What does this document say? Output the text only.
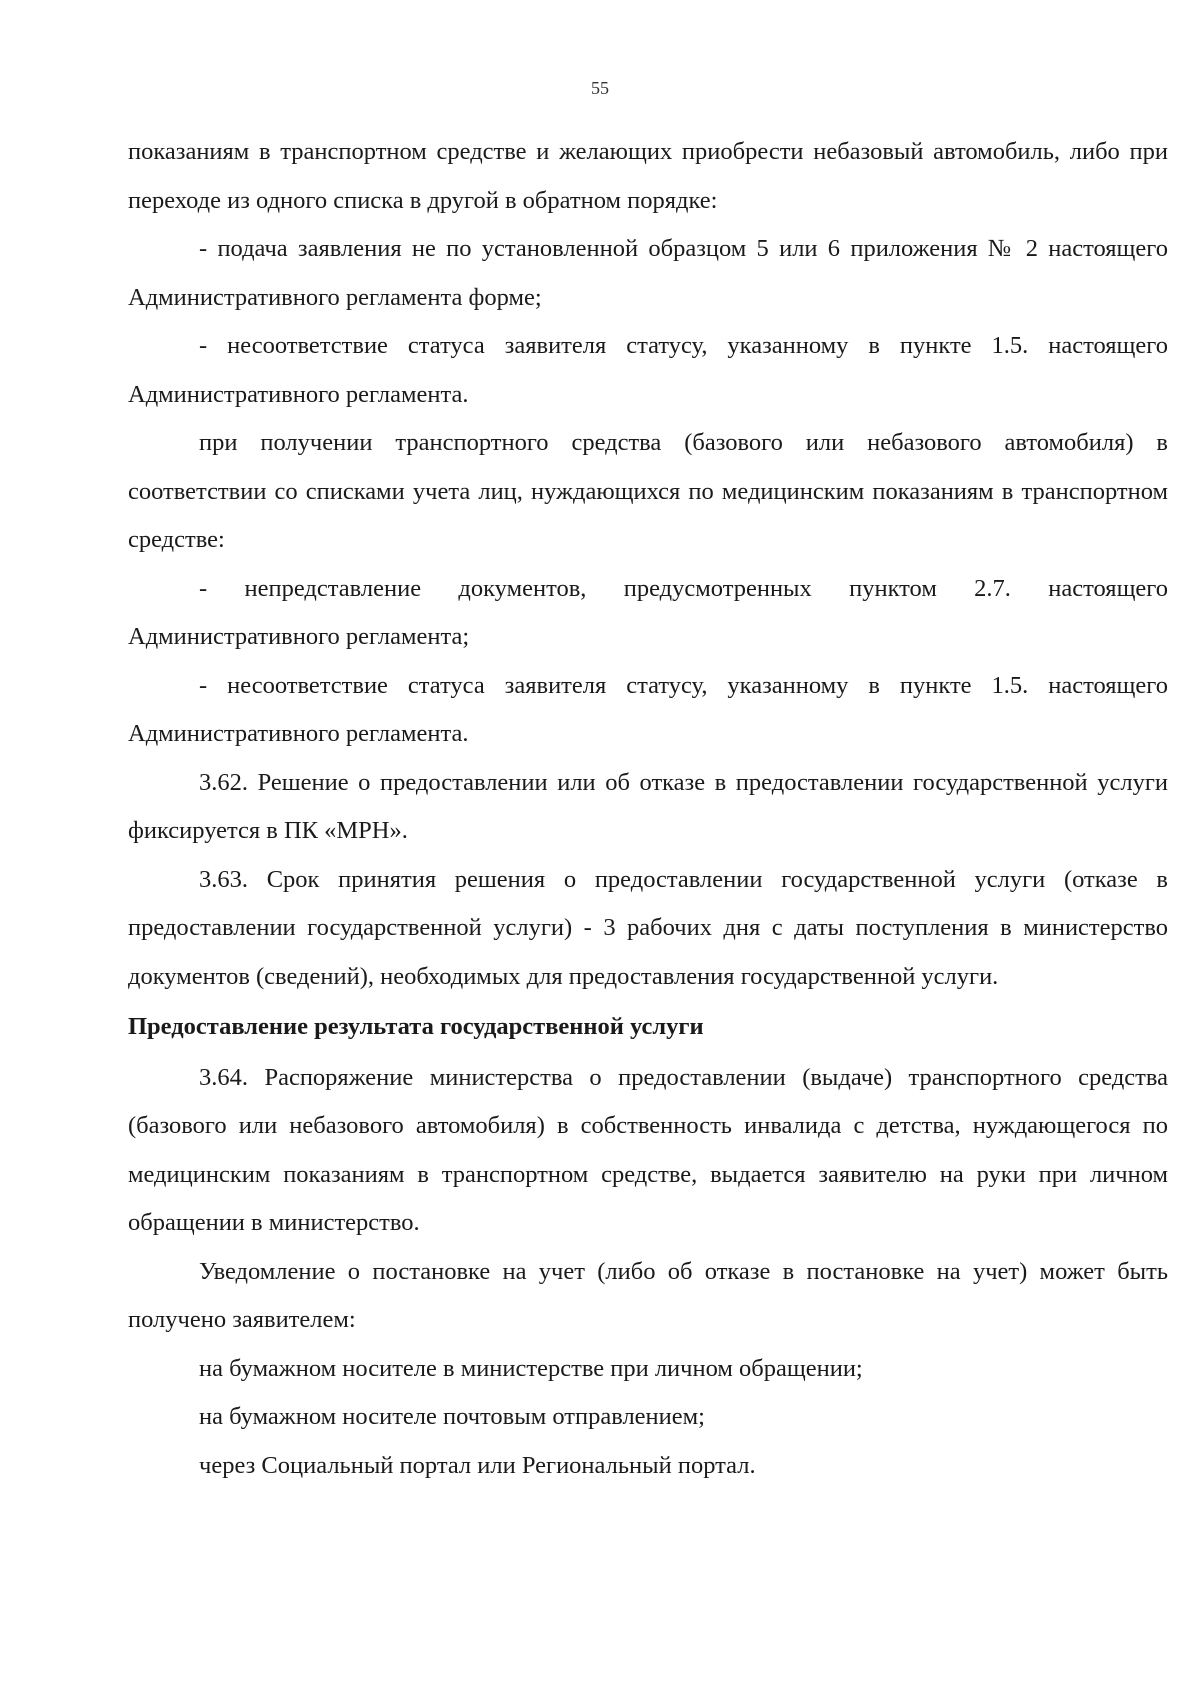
55

показаниям в транспортном средстве и желающих приобрести небазовый автомобиль, либо при переходе из одного списка в другой в обратном порядке:

- подача заявления не по установленной образцом 5 или 6 приложения № 2 настоящего Административного регламента форме;

- несоответствие статуса заявителя статусу, указанному в пункте 1.5. настоящего Административного регламента.

при получении транспортного средства (базового или небазового автомобиля) в соответствии со списками учета лиц, нуждающихся по медицинским показаниям в транспортном средстве:

- непредставление документов, предусмотренных пунктом 2.7. настоящего Административного регламента;

- несоответствие статуса заявителя статусу, указанному в пункте 1.5. настоящего Административного регламента.

3.62. Решение о предоставлении или об отказе в предоставлении государственной услуги фиксируется в ПК «МРН».

3.63. Срок принятия решения о предоставлении государственной услуги (отказе в предоставлении государственной услуги) - 3 рабочих дня с даты поступления в министерство документов (сведений), необходимых для предоставления государственной услуги.

Предоставление результата государственной услуги

3.64. Распоряжение министерства о предоставлении (выдаче) транспортного средства (базового или небазового автомобиля) в собственность инвалида с детства, нуждающегося по медицинским показаниям в транспортном средстве, выдается заявителю на руки при личном обращении в министерство.

Уведомление о постановке на учет (либо об отказе в постановке на учет) может быть получено заявителем:

на бумажном носителе в министерстве при личном обращении;

на бумажном носителе почтовым отправлением;

через Социальный портал или Региональный портал.
